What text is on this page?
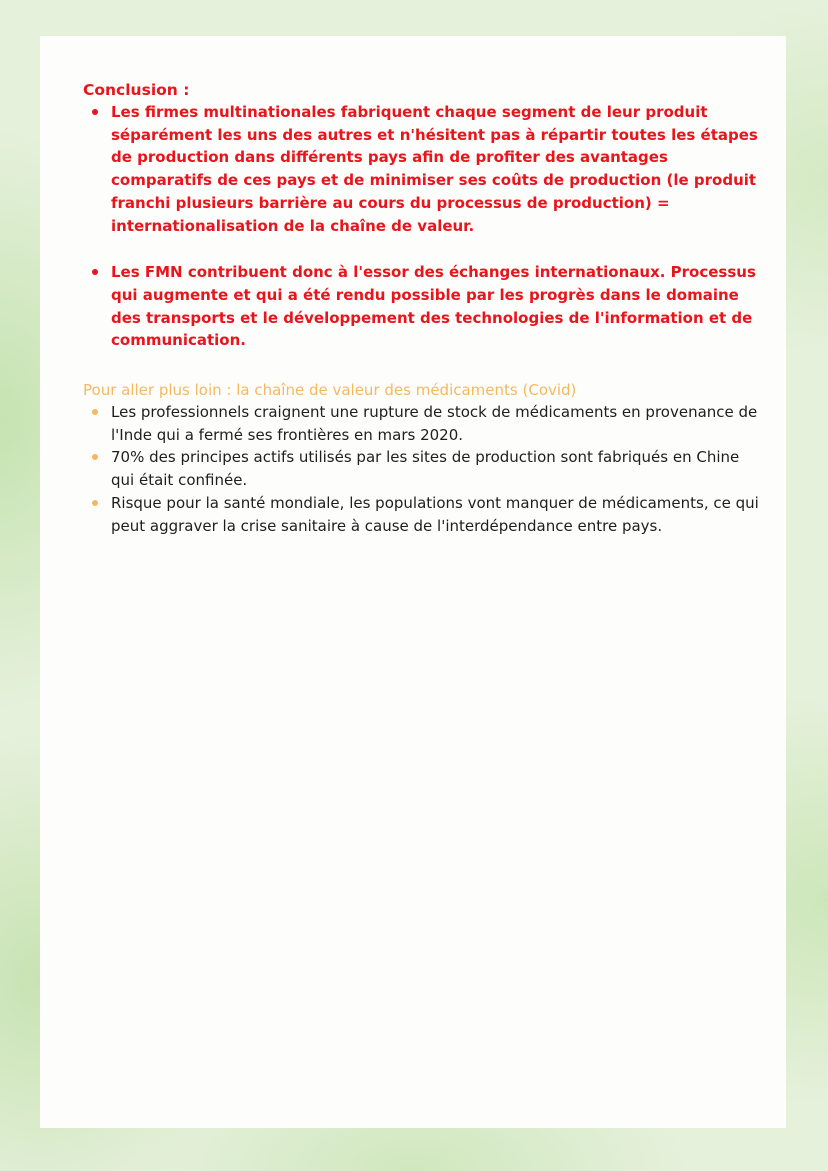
Conclusion :

Les firmes multinationales fabriquent chaque segment de leur produit séparément les uns des autres et n'hésitent pas à répartir toutes les étapes de production dans différents pays afin de profiter des avantages comparatifs de ces pays et de minimiser ses coûts de production (le produit franchi plusieurs barrière au cours du processus de production) = internationalisation de la chaîne de valeur.
Les FMN contribuent donc à l'essor des échanges internationaux. Processus qui augmente et qui a été rendu possible par les progrès dans le domaine des transports et le développement des technologies de l'information et de communication.

Pour aller plus loin : la chaîne de valeur des médicaments (Covid)

Les professionnels craignent une rupture de stock de médicaments en provenance de l'Inde qui a fermé ses frontières en mars 2020.
70% des principes actifs utilisés par les sites de production sont fabriqués en Chine qui était confinée.
Risque pour la santé mondiale, les populations vont manquer de médicaments, ce qui peut aggraver la crise sanitaire à cause de l'interdépendance entre pays.
